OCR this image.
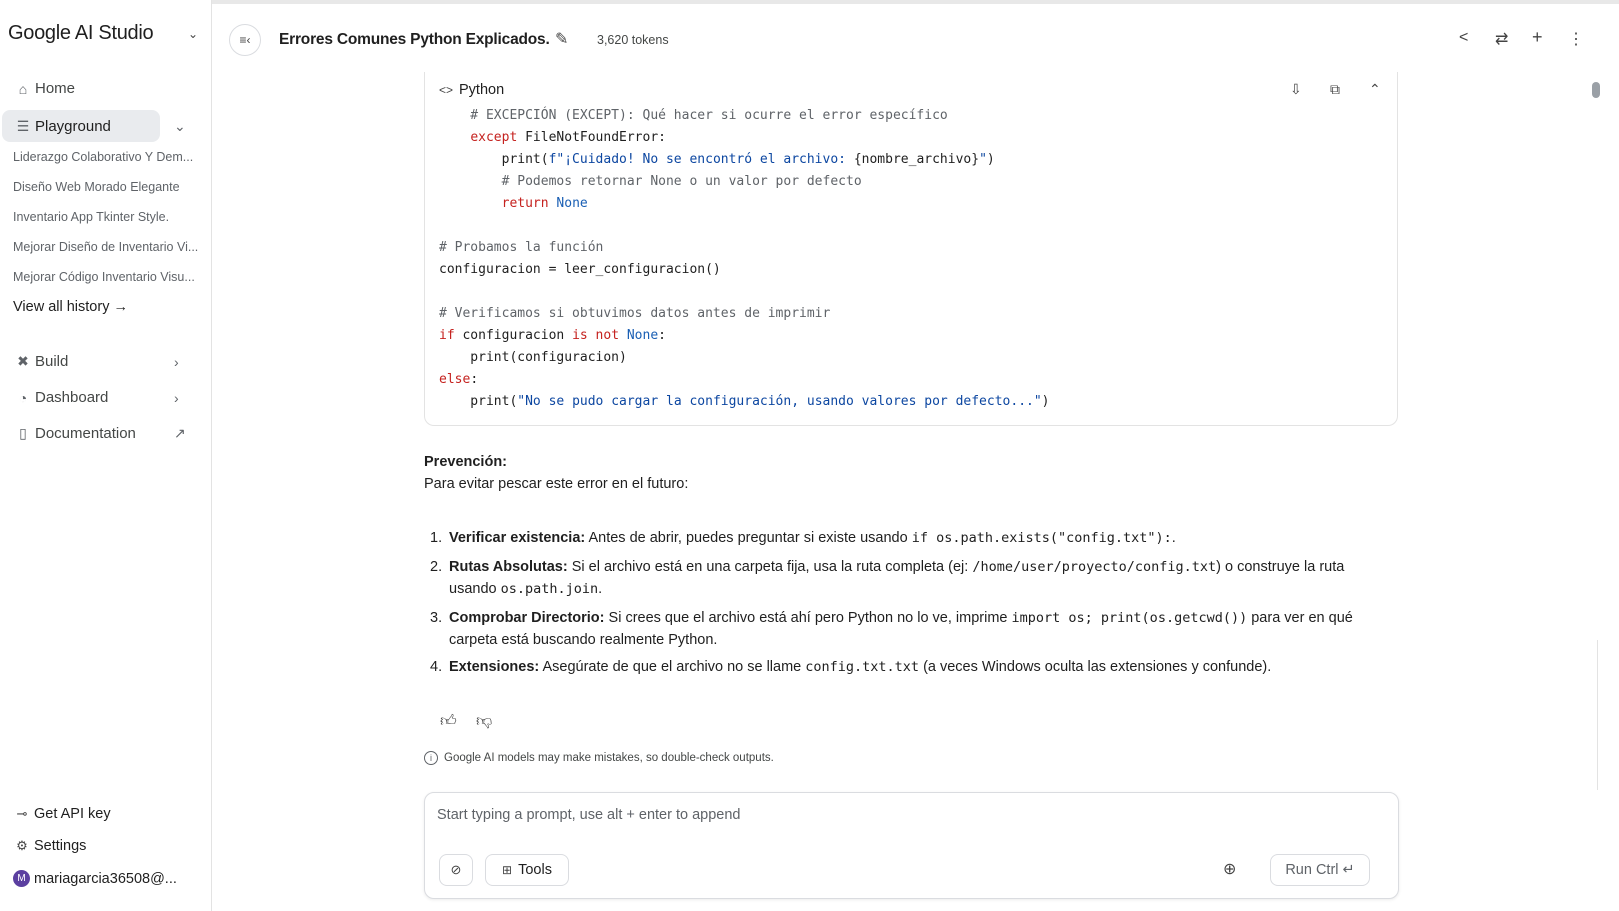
Google AI Studio	⌄
⌂ Home
☰ Playground	⌄
Liderazgo Colaborativo Y Dem...
Diseño Web Morado Elegante
Inventario App Tkinter Style.
Mejorar Diseño de Inventario Vi...
Mejorar Código Inventario Visu...
View all history →
✖ Build	›
◔ Dashboard	›
▯ Documentation	↗
⊸ Get API key
⚙ Settings
M mariagarcia36508@...
≡‹ Errores Comunes Python Explicados. ✎ 3,620 tokens	< ⇄ + ⋮
<> Python	⇩ ⧉ ⌃
# EXCEPCIÓN (EXCEPT): Qué hacer si ocurre el error específico
except FileNotFoundError:
print(f"¡Cuidado! No se encontró el archivo: {nombre_archivo}")
# Podemos retornar None o un valor por defecto
return None

# Probamos la función
configuracion = leer_configuracion()

# Verificamos si obtuvimos datos antes de imprimir
if configuracion is not None:
print(configuracion)
else:
print("No se pudo cargar la configuración, usando valores por defecto...")
Prevención:
Para evitar pescar este error en el futuro:
1. Verificar existencia: Antes de abrir, puedes preguntar si existe usando if os.path.exists("config.txt"):.
2. Rutas Absolutas: Si el archivo está en una carpeta fija, usa la ruta completa (ej: /home/user/proyecto/config.txt) o construye la ruta usando os.path.join.
3. Comprobar Directorio: Si crees que el archivo está ahí pero Python no lo ve, imprime import os; print(os.getcwd()) para ver en qué carpeta está buscando realmente Python.
4. Extensiones: Asegúrate de que el archivo no se llame config.txt.txt (a veces Windows oculta las extensiones y confunde).
👍︎ 👎︎
i	Google AI models may make mistakes, so double-check outputs.
Start typing a prompt, use alt + enter to append
⊘	⊞ Tools	⊕	Run Ctrl ↵
